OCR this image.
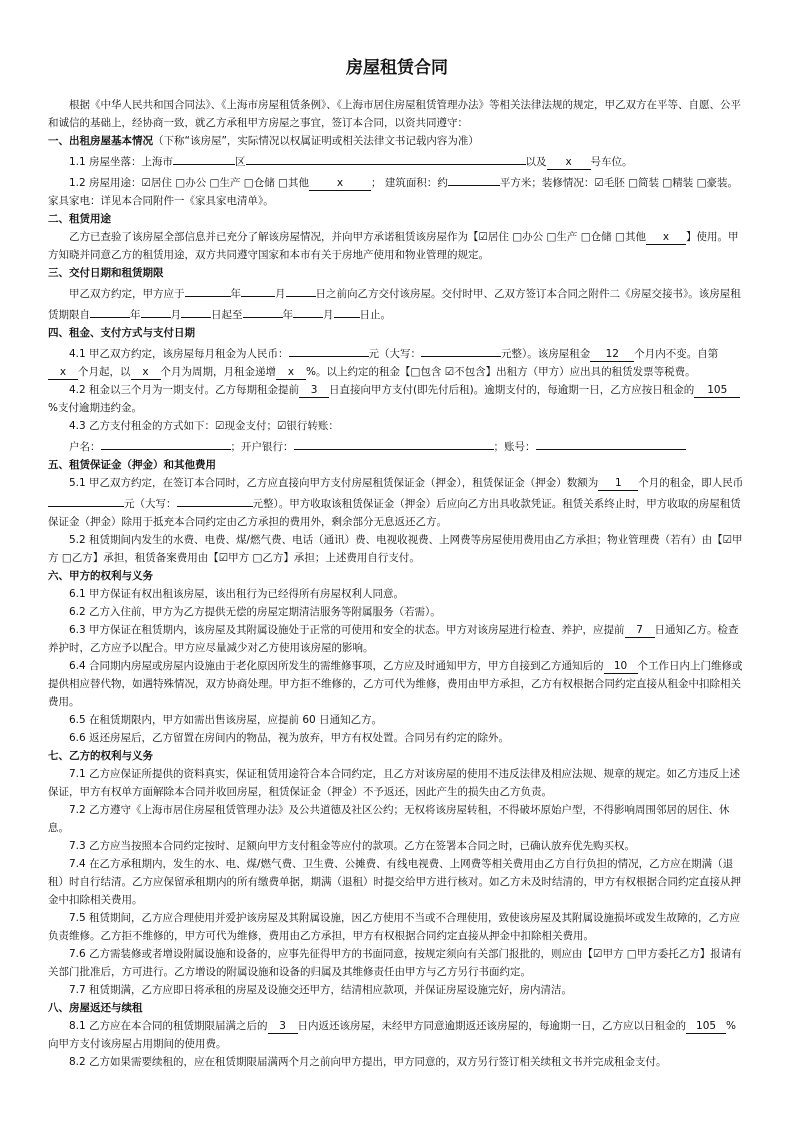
房屋租赁合同
根据《中华人民共和国合同法》、《上海市房屋租赁条例》、《上海市居住房屋租赁管理办法》等相关法律法规的规定，甲乙双方在平等、自愿、公平和诚信的基础上，经协商一致，就乙方承租甲方房屋之事宜，签订本合同，以资共同遵守：
一、出租房屋基本情况（下称“该房屋”，实际情况以权属证明或相关法律文书记载内容为准）
1.1 房屋坐落：上海市	区	以及 x 号车位。
1.2 房屋用途：☑居住 □办公 □生产 □仓储 □其他	x	； 建筑面积：约	平方米；装修情况：☑毛胚 □简装 □精装 □豪装。家具家电：详见本合同附件一《家具家电清单》。
二、租赁用途
乙方已查验了该房屋全部信息并已充分了解该房屋情况，并向甲方承诺租赁该房屋作为【☑居住 □办公 □生产 □仓储 □其他 x 】使用。甲方知晓并同意乙方的租赁用途，双方共同遵守国家和本市有关于房地产使用和物业管理的规定。
三、交付日期和租赁期限
甲乙双方约定，甲方应于	年	月	日之前向乙方交付该房屋。交付时甲、乙双方签订本合同之附件二《房屋交接书》。该房屋租赁期限自	年	月	日起至	年	月 日止。
四、租金、支付方式与支付日期
4.1 甲乙双方约定，该房屋每月租金为人民币：	元（大写：	元整）。该房屋租金 12 个月内不变。自第x 个月起，以 x 个月为周期，月租金递增 x %。以上约定的租金【□包含 ☑不包含】出租方（甲方）应出具的租赁发票等税费。
4.2 租金以三个月为一期支付。乙方每期租金提前 3 日直接向甲方支付(即先付后租)。逾期支付的，每逾期一日，乙方应按日租金的 105%支付逾期违约金。
4.3 乙方支付租金的方式如下：☑现金支付；☑银行转账：
户名：	；开户银行：	；账号：
五、租赁保证金（押金）和其他费用
5.1 甲乙双方约定，在签订本合同时，乙方应直接向甲方支付房屋租赁保证金（押金），租赁保证金（押金）数额为 1 个月的租金，即人民币元（大写：	元整）。甲方收取该租赁保证金（押金）后应向乙方出具收款凭证。租赁关系终止时，甲方收取的房屋租赁保证金（押金）除用于抵充本合同约定由乙方承担的费用外，剩余部分无息返还乙方。
5.2 租赁期间内发生的水费、电费、煤/燃气费、电话（通讯）费、电视收视费、上网费等房屋使用费用由乙方承担；物业管理费（若有）由【☑甲方 □乙方】承担，租赁备案费用由【☑甲方 □乙方】承担；上述费用自行支付。
六、甲方的权利与义务
6.1 甲方保证有权出租该房屋，该出租行为已经得所有房屋权利人同意。
6.2 乙方入住前，甲方为乙方提供无偿的房屋定期清洁服务等附属服务（若需）。
6.3 甲方保证在租赁期内，该房屋及其附属设施处于正常的可使用和安全的状态。甲方对该房屋进行检查、养护，应提前 7 日通知乙方。检查养护时，乙方应予以配合。甲方应尽量减少对乙方使用该房屋的影响。
6.4 合同期内房屋或房屋内设施由于老化原因所发生的需维修事项，乙方应及时通知甲方，甲方自接到乙方通知后的 10 个工作日内上门维修或提供相应替代物，如遇特殊情况，双方协商处理。甲方拒不维修的，乙方可代为维修，费用由甲方承担，乙方有权根据合同约定直接从租金中扣除相关费用。
6.5 在租赁期限内，甲方如需出售该房屋，应提前 60 日通知乙方。
6.6 返还房屋后，乙方留置在房间内的物品，视为放弃，甲方有权处置。合同另有约定的除外。
七、乙方的权利与义务
7.1 乙方应保证所提供的资料真实，保证租赁用途符合本合同约定，且乙方对该房屋的使用不违反法律及相应法规、规章的规定。如乙方违反上述保证，甲方有权单方面解除本合同并收回房屋，租赁保证金（押金）不予返还，因此产生的损失由乙方负责。
7.2 乙方遵守《上海市居住房屋租赁管理办法》及公共道德及社区公约；无权将该房屋转租，不得破坏原始户型，不得影响周围邻居的居住、休息。
7.3 乙方应当按照本合同约定按时、足额向甲方支付租金等应付的款项。乙方在签署本合同之时，已确认放弃优先购买权。
7.4 在乙方承租期内，发生的水、电、煤/燃气费、卫生费、公摊费、有线电视费、上网费等相关费用由乙方自行负担的情况，乙方应在期满（退租）时自行结清。乙方应保留承租期内的所有缴费单据，期满（退租）时提交给甲方进行核对。如乙方未及时结清的，甲方有权根据合同约定直接从押金中扣除相关费用。
7.5 租赁期间，乙方应合理使用并爱护该房屋及其附属设施，因乙方使用不当或不合理使用，致使该房屋及其附属设施损坏或发生故障的，乙方应负责维修。乙方拒不维修的，甲方可代为维修，费用由乙方承担，甲方有权根据合同约定直接从押金中扣除相关费用。
7.6 乙方需装修或者增设附属设施和设备的，应事先征得甲方的书面同意，按规定须向有关部门报批的，则应由【☑甲方 □甲方委托乙方】报请有关部门批准后，方可进行。乙方增设的附属设施和设备的归属及其维修责任由甲方与乙方另行书面约定。
7.7 租赁期满，乙方应即日将承租的房屋及设施交还甲方，结清相应款项，并保证房屋设施完好，房内清洁。
八、房屋返还与续租
8.1 乙方应在本合同的租赁期限届满之后的 3 日内返还该房屋，未经甲方同意逾期返还该房屋的，每逾期一日，乙方应以日租金的 105 %向甲方支付该房屋占用期间的使用费。
8.2 乙方如果需要续租的，应在租赁期限届满两个月之前向甲方提出，甲方同意的，双方另行签订相关续租文书并完成租金支付。
